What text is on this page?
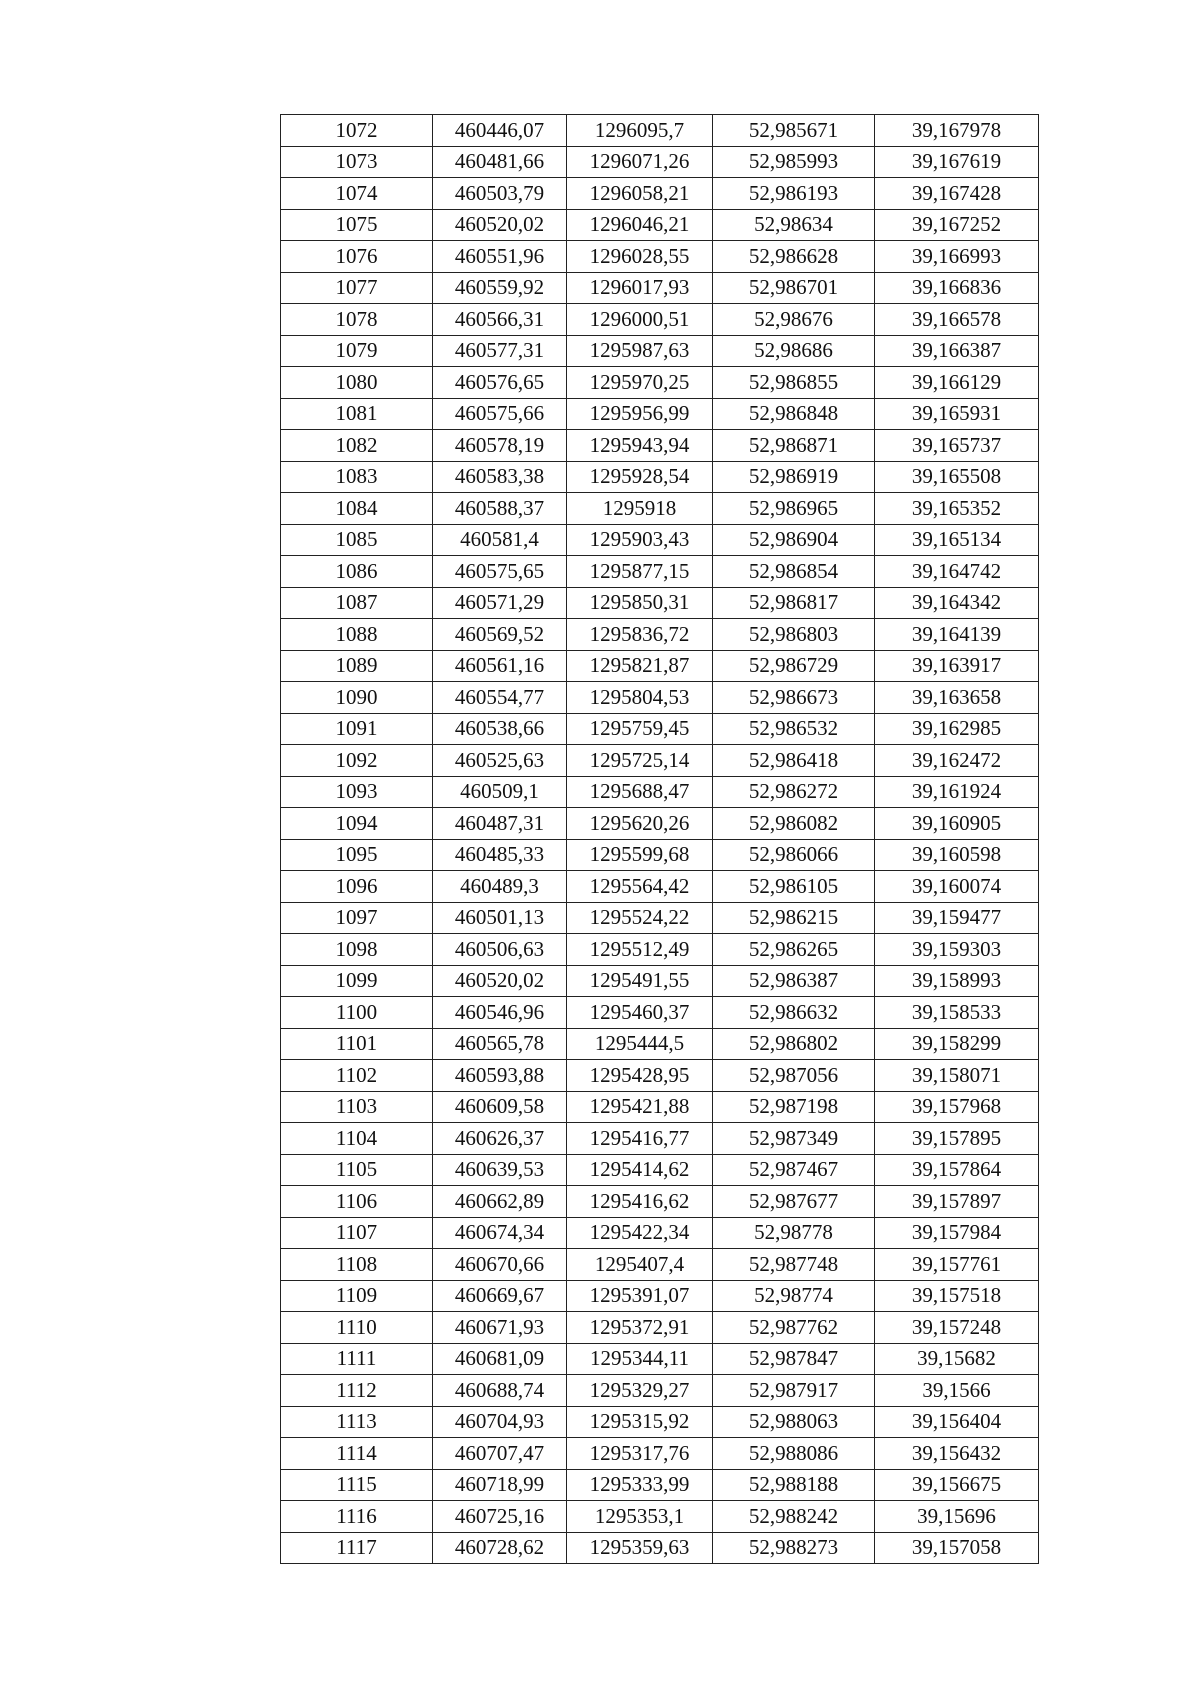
1072	460446,07	1296095,7	52,985671	39,167978
1073	460481,66	1296071,26	52,985993	39,167619
1074	460503,79	1296058,21	52,986193	39,167428
1075	460520,02	1296046,21	52,98634	39,167252
1076	460551,96	1296028,55	52,986628	39,166993
1077	460559,92	1296017,93	52,986701	39,166836
1078	460566,31	1296000,51	52,98676	39,166578
1079	460577,31	1295987,63	52,98686	39,166387
1080	460576,65	1295970,25	52,986855	39,166129
1081	460575,66	1295956,99	52,986848	39,165931
1082	460578,19	1295943,94	52,986871	39,165737
1083	460583,38	1295928,54	52,986919	39,165508
1084	460588,37	1295918	52,986965	39,165352
1085	460581,4	1295903,43	52,986904	39,165134
1086	460575,65	1295877,15	52,986854	39,164742
1087	460571,29	1295850,31	52,986817	39,164342
1088	460569,52	1295836,72	52,986803	39,164139
1089	460561,16	1295821,87	52,986729	39,163917
1090	460554,77	1295804,53	52,986673	39,163658
1091	460538,66	1295759,45	52,986532	39,162985
1092	460525,63	1295725,14	52,986418	39,162472
1093	460509,1	1295688,47	52,986272	39,161924
1094	460487,31	1295620,26	52,986082	39,160905
1095	460485,33	1295599,68	52,986066	39,160598
1096	460489,3	1295564,42	52,986105	39,160074
1097	460501,13	1295524,22	52,986215	39,159477
1098	460506,63	1295512,49	52,986265	39,159303
1099	460520,02	1295491,55	52,986387	39,158993
1100	460546,96	1295460,37	52,986632	39,158533
1101	460565,78	1295444,5	52,986802	39,158299
1102	460593,88	1295428,95	52,987056	39,158071
1103	460609,58	1295421,88	52,987198	39,157968
1104	460626,37	1295416,77	52,987349	39,157895
1105	460639,53	1295414,62	52,987467	39,157864
1106	460662,89	1295416,62	52,987677	39,157897
1107	460674,34	1295422,34	52,98778	39,157984
1108	460670,66	1295407,4	52,987748	39,157761
1109	460669,67	1295391,07	52,98774	39,157518
1110	460671,93	1295372,91	52,987762	39,157248
1111	460681,09	1295344,11	52,987847	39,15682
1112	460688,74	1295329,27	52,987917	39,1566
1113	460704,93	1295315,92	52,988063	39,156404
1114	460707,47	1295317,76	52,988086	39,156432
1115	460718,99	1295333,99	52,988188	39,156675
1116	460725,16	1295353,1	52,988242	39,15696
1117	460728,62	1295359,63	52,988273	39,157058
